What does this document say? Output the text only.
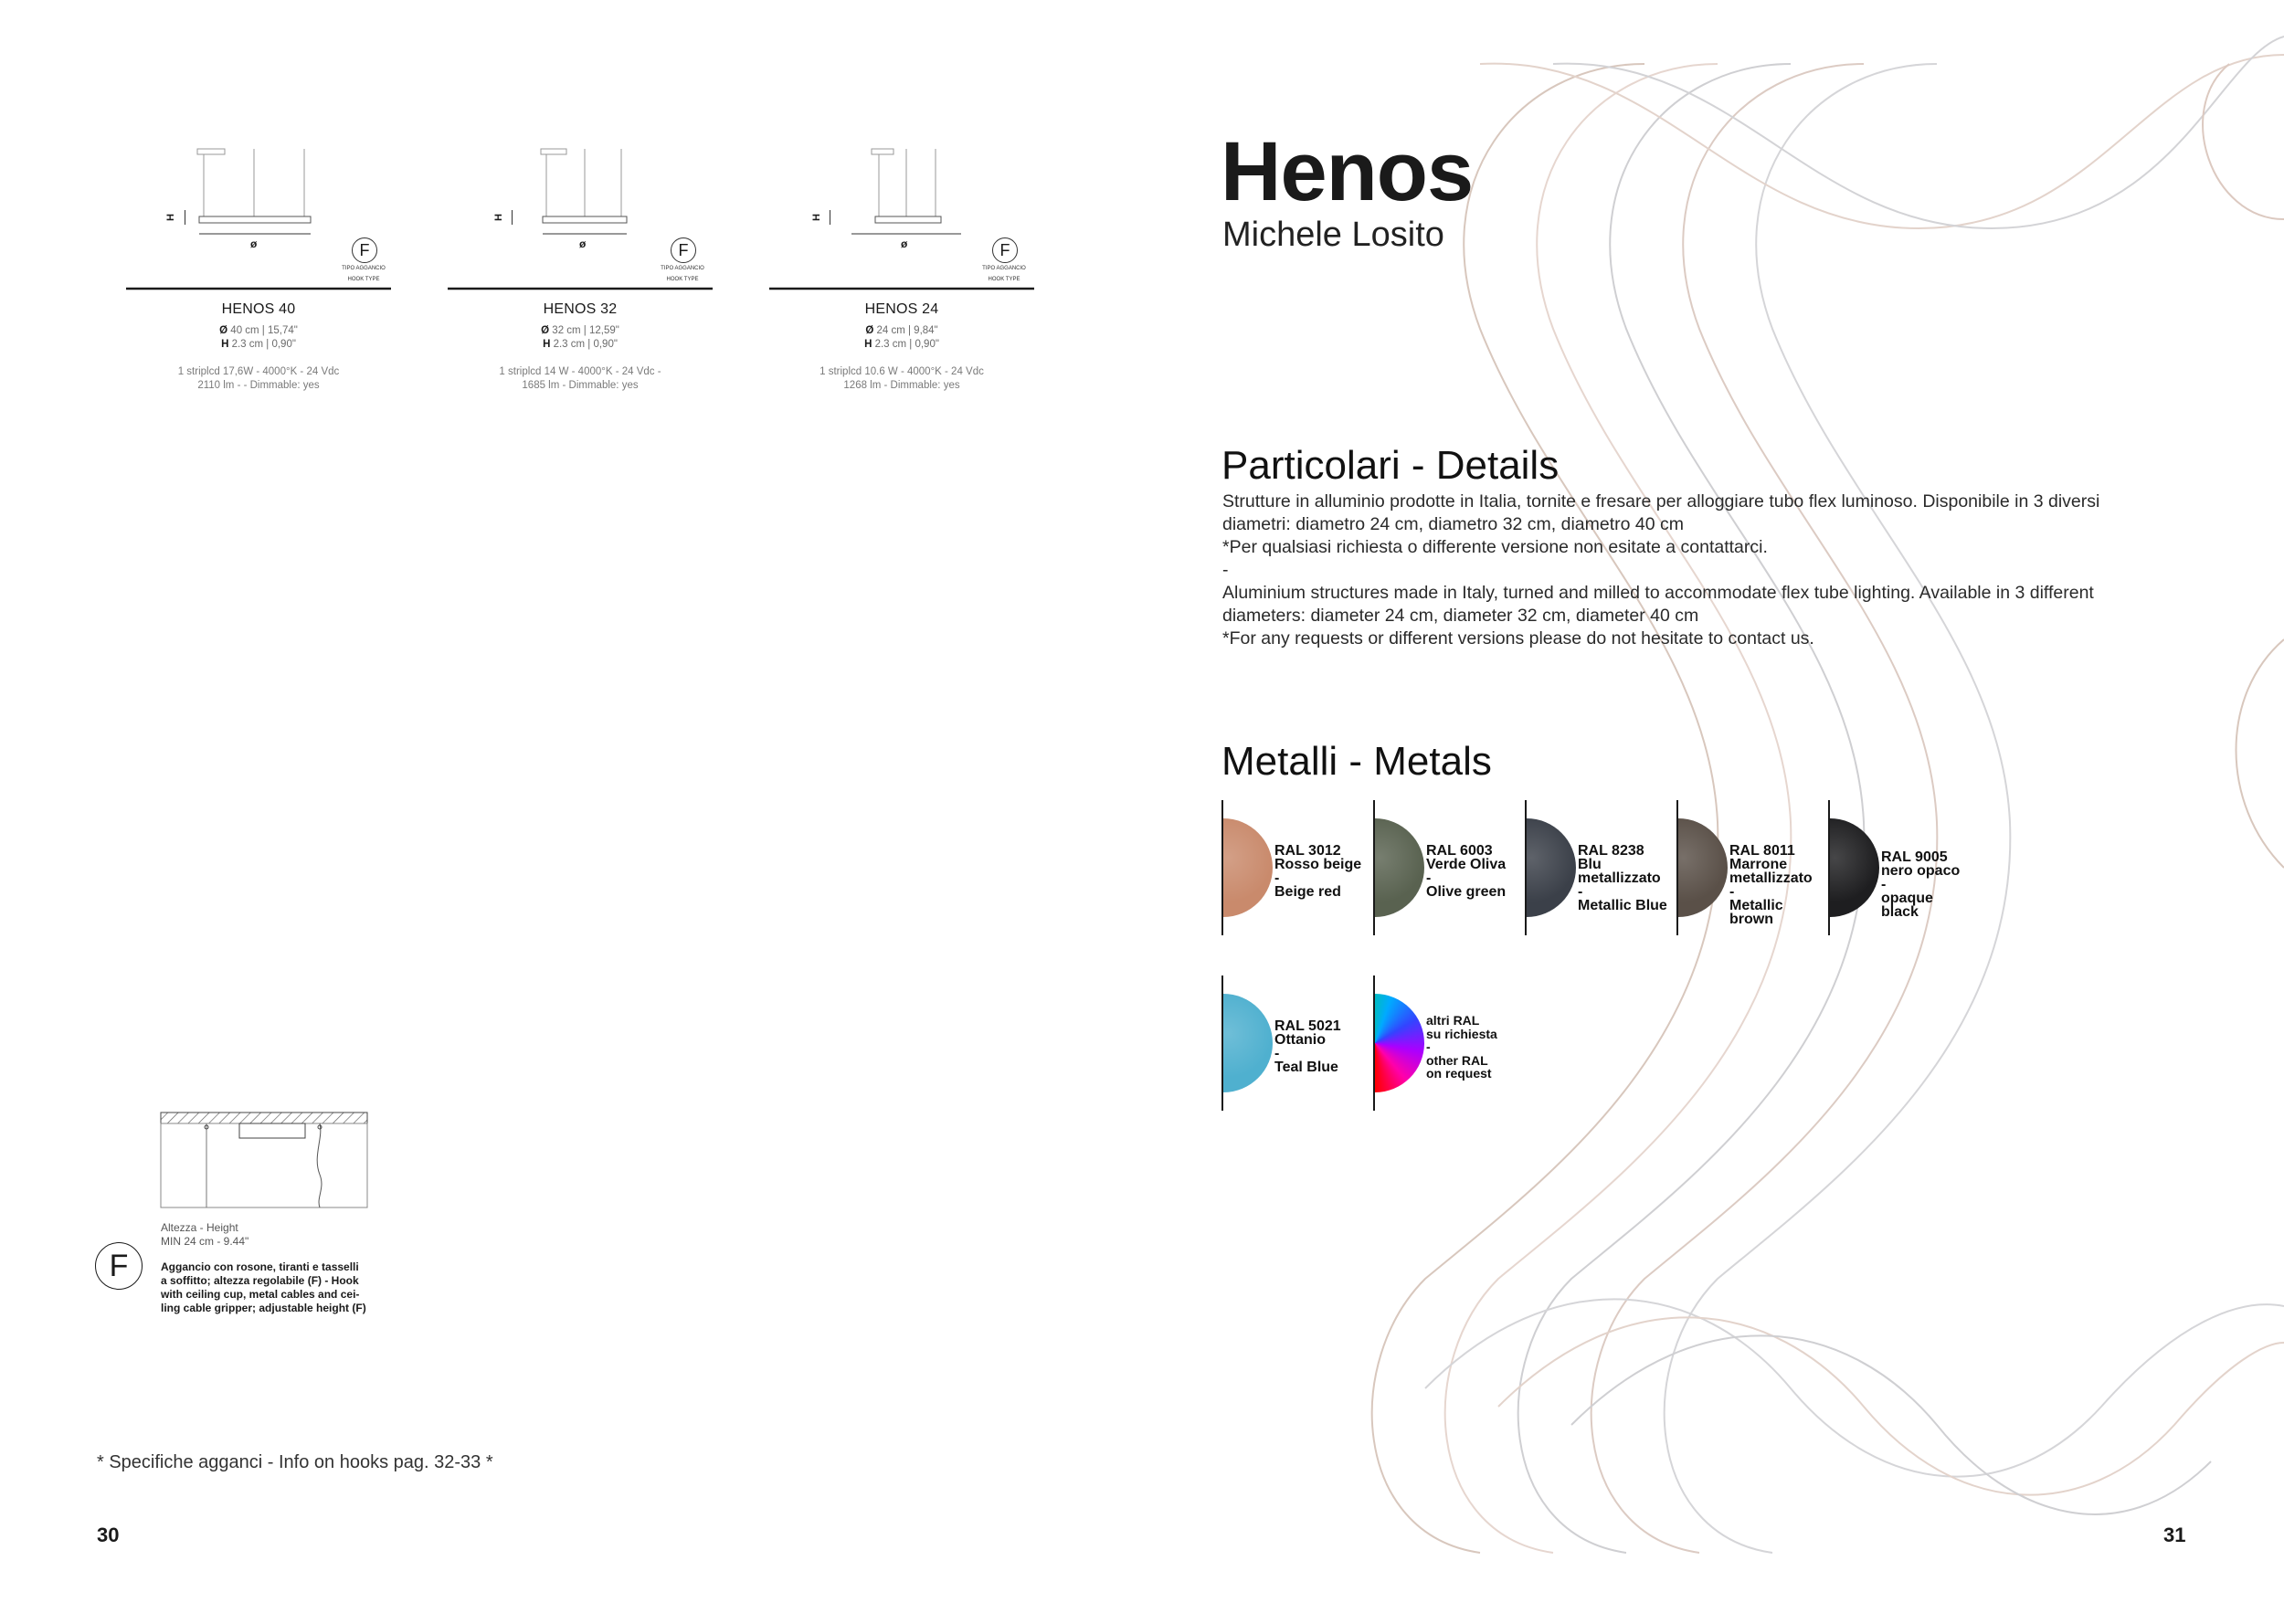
H
ø	F
TIPO AGGANCIO
HOOK TYPE
HENOS 40
Ø 40 cm | 15,74"
H 2.3 cm | 0,90"
1 striplcd 17,6W - 4000°K - 24 Vdc
2110 lm - - Dimmable: yes
H
ø	F
TIPO AGGANCIO
HOOK TYPE
HENOS 32
Ø 32 cm | 12,59"
H 2.3 cm | 0,90"
1 striplcd 14 W - 4000°K - 24 Vdc -
1685 lm - Dimmable: yes
H
ø	F
TIPO AGGANCIO
HOOK TYPE
HENOS 24
Ø 24 cm | 9,84"
H 2.3 cm | 0,90"
1 striplcd 10.6 W - 4000°K - 24 Vdc
1268 lm - Dimmable: yes
Altezza - Height
MIN 24 cm - 9.44"
F	Aggancio con rosone, tiranti e tasselli
a soffitto; altezza regolabile (F) - Hook
with ceiling cup, metal cables and cei-
ling cable gripper; adjustable height (F)
* Specifiche agganci - Info on hooks pag. 32-33 *
30
Henos
Michele Losito
Particolari - Details
Strutture in alluminio prodotte in Italia, tornite e fresare per alloggiare tubo flex luminoso. Disponibile in 3 diversi
diametri: diametro 24 cm, diametro 32 cm, diametro 40 cm
*Per qualsiasi richiesta o differente versione non esitate a contattarci.
-
Aluminium structures made in Italy, turned and milled to accommodate flex tube lighting. Available in 3 different
diameters: diameter 24 cm, diameter 32 cm, diameter 40 cm
*For any requests or different versions please do not hesitate to contact us.
Metalli - Metals
RAL 3012
Rosso beige
-
Beige red
RAL 6003
Verde Oliva
-
Olive green
RAL 8238
Blu
metallizzato
-
Metallic Blue
RAL 8011
Marrone
metallizzato
-
Metallic
brown
RAL 9005
nero opaco
-
opaque
black
RAL 5021
Ottanio
-
Teal Blue
altri RAL
su richiesta
-
other RAL
on request
31
